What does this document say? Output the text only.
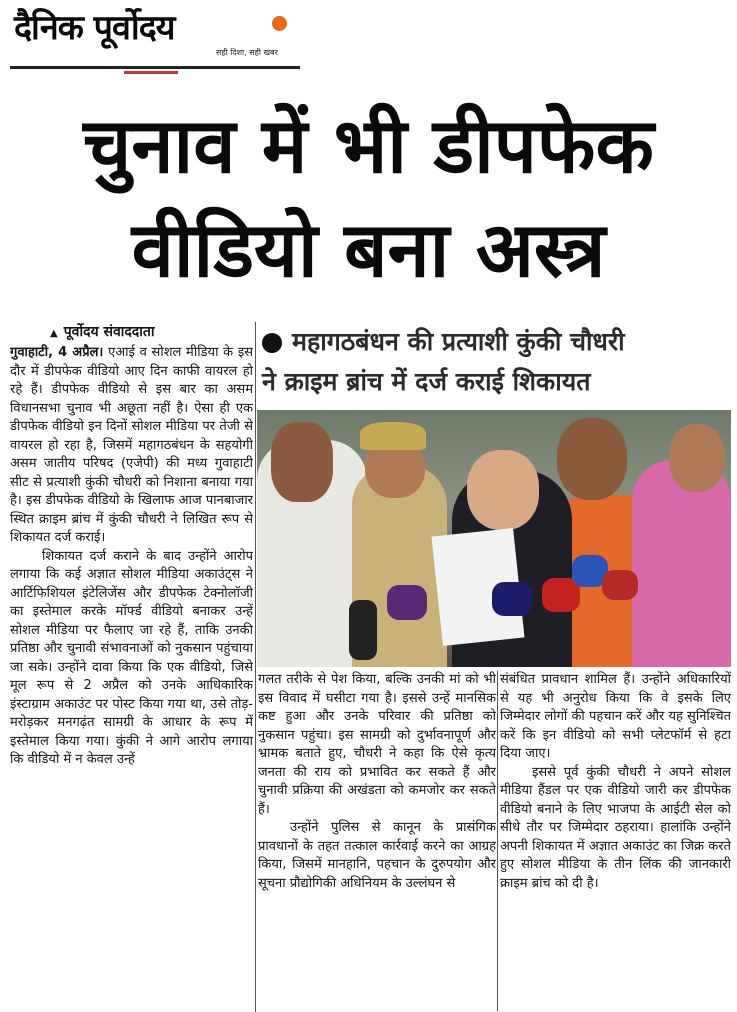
दैनिक पूर्वोदय
सही दिशा, सही खबर
चुनाव में भी डीपफेक
वीडियो बना अस्त्र
महागठबंधन की प्रत्याशी कुंकी चौधरी
ने क्राइम ब्रांच में दर्ज कराई शिकायत
▲ पूर्वोदय संवाददाता

गुवाहाटी, 4 अप्रैल। एआई व सोशल मीडिया के इस दौर में डीपफेक वीडियो आए दिन काफी वायरल हो रहे हैं। डीपफेक वीडियो से इस बार का असम विधानसभा चुनाव भी अछूता नहीं है। ऐसा ही एक डीपफेक वीडियो इन दिनों सोशल मीडिया पर तेजी से वायरल हो रहा है, जिसमें महागठबंधन के सहयोगी असम जातीय परिषद (एजेपी) की मध्य गुवाहाटी सीट से प्रत्याशी कुंकी चौधरी को निशाना बनाया गया है। इस डीपफेक वीडियो के खिलाफ आज पानबाजार स्थित क्राइम ब्रांच में कुंकी चौधरी ने लिखित रूप से शिकायत दर्ज कराई।

शिकायत दर्ज कराने के बाद उन्होंने आरोप लगाया कि कई अज्ञात सोशल मीडिया अकाउंट्स ने आर्टिफिशियल इंटेलिजेंस और डीपफेक टेक्नोलॉजी का इस्तेमाल करके मॉर्फ्ड वीडियो बनाकर उन्हें सोशल मीडिया पर फैलाए जा रहे हैं, ताकि उनकी प्रतिष्ठा और चुनावी संभावनाओं को नुकसान पहुंचाया जा सके। उन्होंने दावा किया कि एक वीडियो, जिसे मूल रूप से 2 अप्रैल को उनके आधिकारिक इंस्टाग्राम अकाउंट पर पोस्ट किया गया था, उसे तोड़-मरोड़कर मनगढ़ंत सामग्री के आधार के रूप में इस्तेमाल किया गया। कुंकी ने आगे आरोप लगाया कि वीडियो में न केवल उन्हें

गलत तरीके से पेश किया, बल्कि उनकी मां को भी इस विवाद में घसीटा गया है। इससे उन्हें मानसिक कष्ट हुआ और उनके परिवार की प्रतिष्ठा को नुकसान पहुंचा। इस सामग्री को दुर्भावनापूर्ण और भ्रामक बताते हुए, चौधरी ने कहा कि ऐसे कृत्य जनता की राय को प्रभावित कर सकते हैं और चुनावी प्रक्रिया की अखंडता को कमजोर कर सकते हैं।

उन्होंने पुलिस से कानून के प्रासंगिक प्रावधानों के तहत तत्काल कार्रवाई करने का आग्रह किया, जिसमें मानहानि, पहचान के दुरुपयोग और सूचना प्रौद्योगिकी अधिनियम के उल्लंघन से

संबंधित प्रावधान शामिल हैं। उन्होंने अधिकारियों से यह भी अनुरोध किया कि वे इसके लिए जिम्मेदार लोगों की पहचान करें और यह सुनिश्चित करें कि इन वीडियो को सभी प्लेटफॉर्म से हटा दिया जाए।

इससे पूर्व कुंकी चौधरी ने अपने सोशल मीडिया हैंडल पर एक वीडियो जारी कर डीपफेक वीडियो बनाने के लिए भाजपा के आईटी सेल को सीधे तौर पर जिम्मेदार ठहराया। हालांकि उन्होंने अपनी शिकायत में अज्ञात अकाउंट का जिक्र करते हुए सोशल मीडिया के तीन लिंक की जानकारी क्राइम ब्रांच को दी है।
